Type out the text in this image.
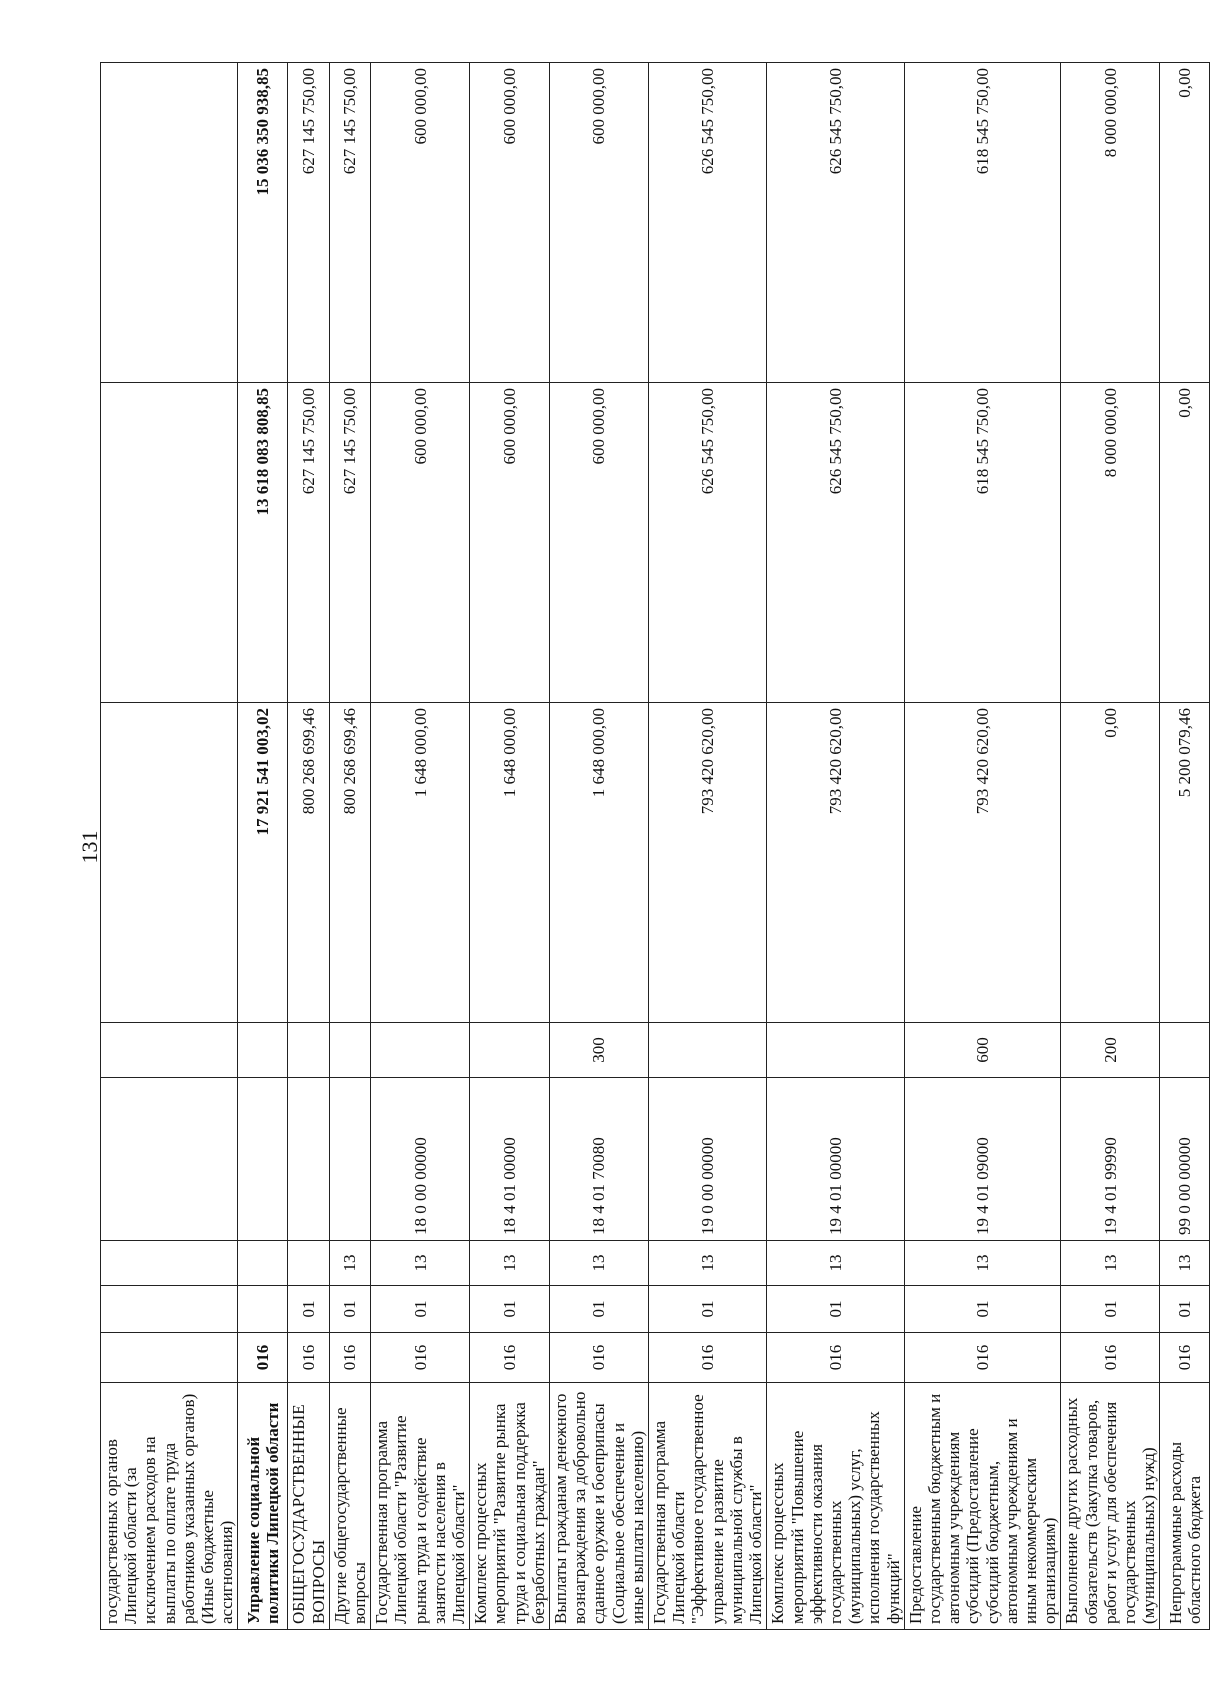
131
государственных органов Липецкой области (за исключением расходов на выплаты по оплате труда работников указанных органов) (Иные бюджетные ассигнования)								
Управление социальной политики Липецкой области	016					17 921 541 003,02	13 618 083 808,85	15 036 350 938,85
ОБЩЕГОСУДАРСТВЕННЫЕ ВОПРОСЫ	016	01				800 268 699,46	627 145 750,00	627 145 750,00
Другие общегосударственные вопросы	016	01	13			800 268 699,46	627 145 750,00	627 145 750,00
Государственная программа Липецкой области "Развитие рынка труда и содействие занятости населения в Липецкой области"	016	01	13	18 0 00 00000		1 648 000,00	600 000,00	600 000,00
Комплекс процессных мероприятий "Развитие рынка труда и социальная поддержка безработных граждан"	016	01	13	18 4 01 00000		1 648 000,00	600 000,00	600 000,00
Выплаты гражданам денежного вознаграждения за добровольно сданное оружие и боеприпасы (Социальное обеспечение и иные выплаты населению)	016	01	13	18 4 01 70080	300	1 648 000,00	600 000,00	600 000,00
Государственная программа Липецкой области "Эффективное государственное управление и развитие муниципальной службы в Липецкой области"	016	01	13	19 0 00 00000		793 420 620,00	626 545 750,00	626 545 750,00
Комплекс процессных мероприятий "Повышение эффективности оказания государственных (муниципальных) услуг, исполнения государственных функций"	016	01	13	19 4 01 00000		793 420 620,00	626 545 750,00	626 545 750,00
Предоставление государственным бюджетным и автономным учреждениям субсидий (Предоставление субсидий бюджетным, автономным учреждениям и иным некоммерческим организациям)	016	01	13	19 4 01 09000	600	793 420 620,00	618 545 750,00	618 545 750,00
Выполнение других расходных обязательств (Закупка товаров, работ и услуг для обеспечения государственных (муниципальных) нужд)	016	01	13	19 4 01 99990	200	0,00	8 000 000,00	8 000 000,00
Непрограммные расходы областного бюджета	016	01	13	99 0 00 00000		5 200 079,46	0,00	0,00
